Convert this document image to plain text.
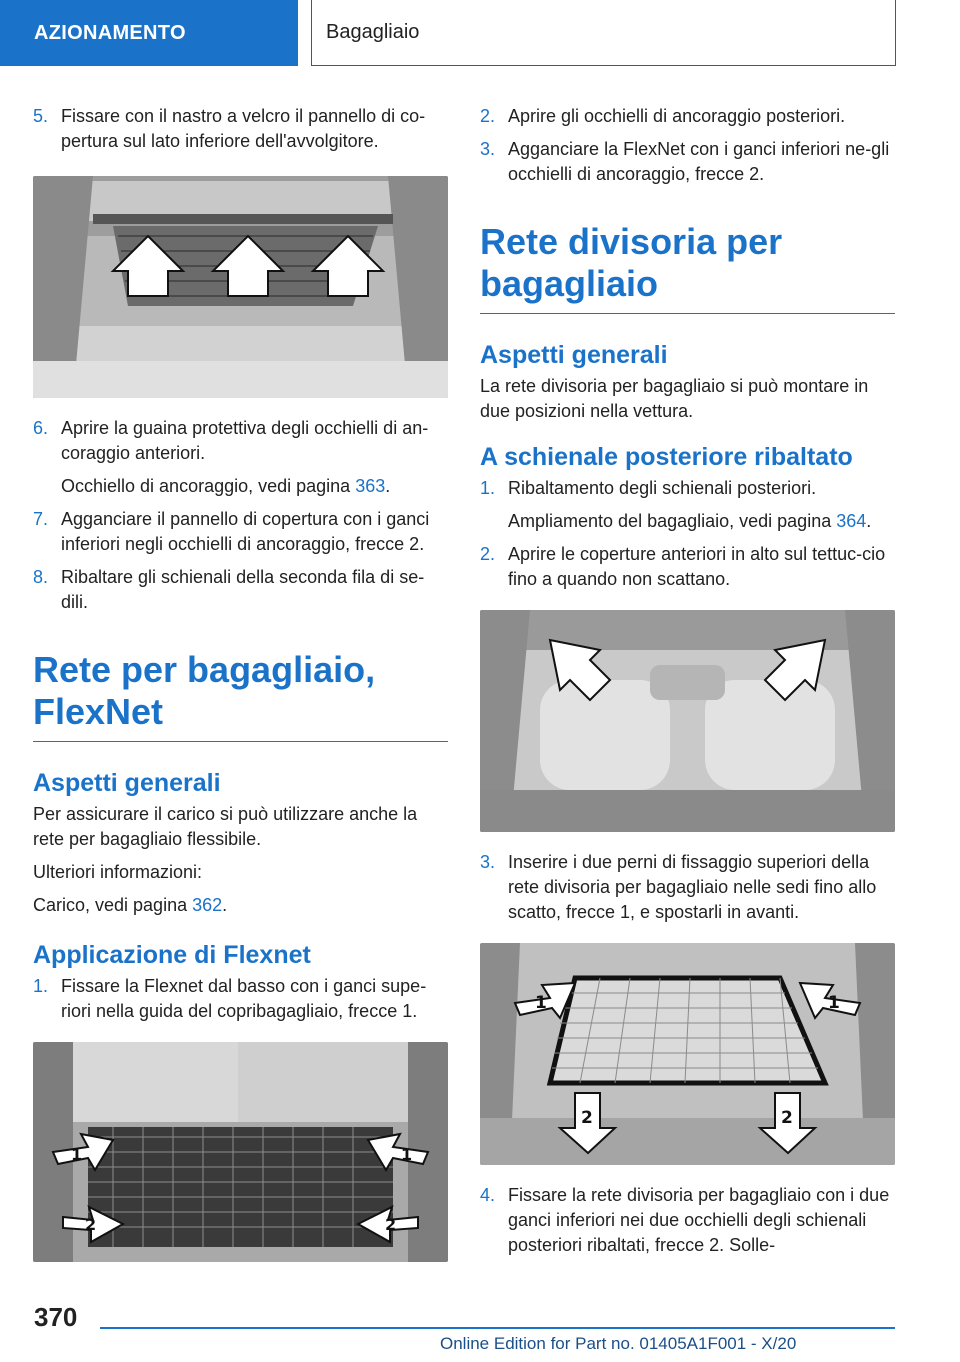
AZIONAMENTO	Bagagliaio
5. Fissare con il nastro a velcro il pannello di co-pertura sul lato inferiore dell'avvolgitore.
6. Aprire la guaina protettiva degli occhielli di an-coraggio anteriori.
Occhiello di ancoraggio, vedi pagina 363.
7. Agganciare il pannello di copertura con i ganci inferiori negli occhielli di ancoraggio, frecce 2.
8. Ribaltare gli schienali della seconda fila di se-dili.
Rete per bagagliaio, FlexNet
Aspetti generali

Per assicurare il carico si può utilizzare anche la rete per bagagliaio flessibile.

Ulteriori informazioni:

Carico, vedi pagina 362.

Applicazione di Flexnet
1. Fissare la Flexnet dal basso con i ganci supe-riori nella guida del copribagagliaio, frecce 1.
1	1
2	2
2. Aprire gli occhielli di ancoraggio posteriori.
3. Agganciare la FlexNet con i ganci inferiori ne-gli occhielli di ancoraggio, frecce 2.
Rete divisoria per bagagliaio
Aspetti generali

La rete divisoria per bagagliaio si può montare in due posizioni nella vettura.

A schienale posteriore ribaltato
1. Ribaltamento degli schienali posteriori.
Ampliamento del bagagliaio, vedi pagina 364.
2. Aprire le coperture anteriori in alto sul tettuc-cio fino a quando non scattano.
3. Inserire i due perni di fissaggio superiori della rete divisoria per bagagliaio nelle sedi fino allo scatto, frecce 1, e spostarli in avanti.
1	1
2	2
4. Fissare la rete divisoria per bagagliaio con i due ganci inferiori nei due occhielli degli schienali posteriori ribaltati, frecce 2. Solle-
370
Online Edition for Part no. 01405A1F001 - X/20
